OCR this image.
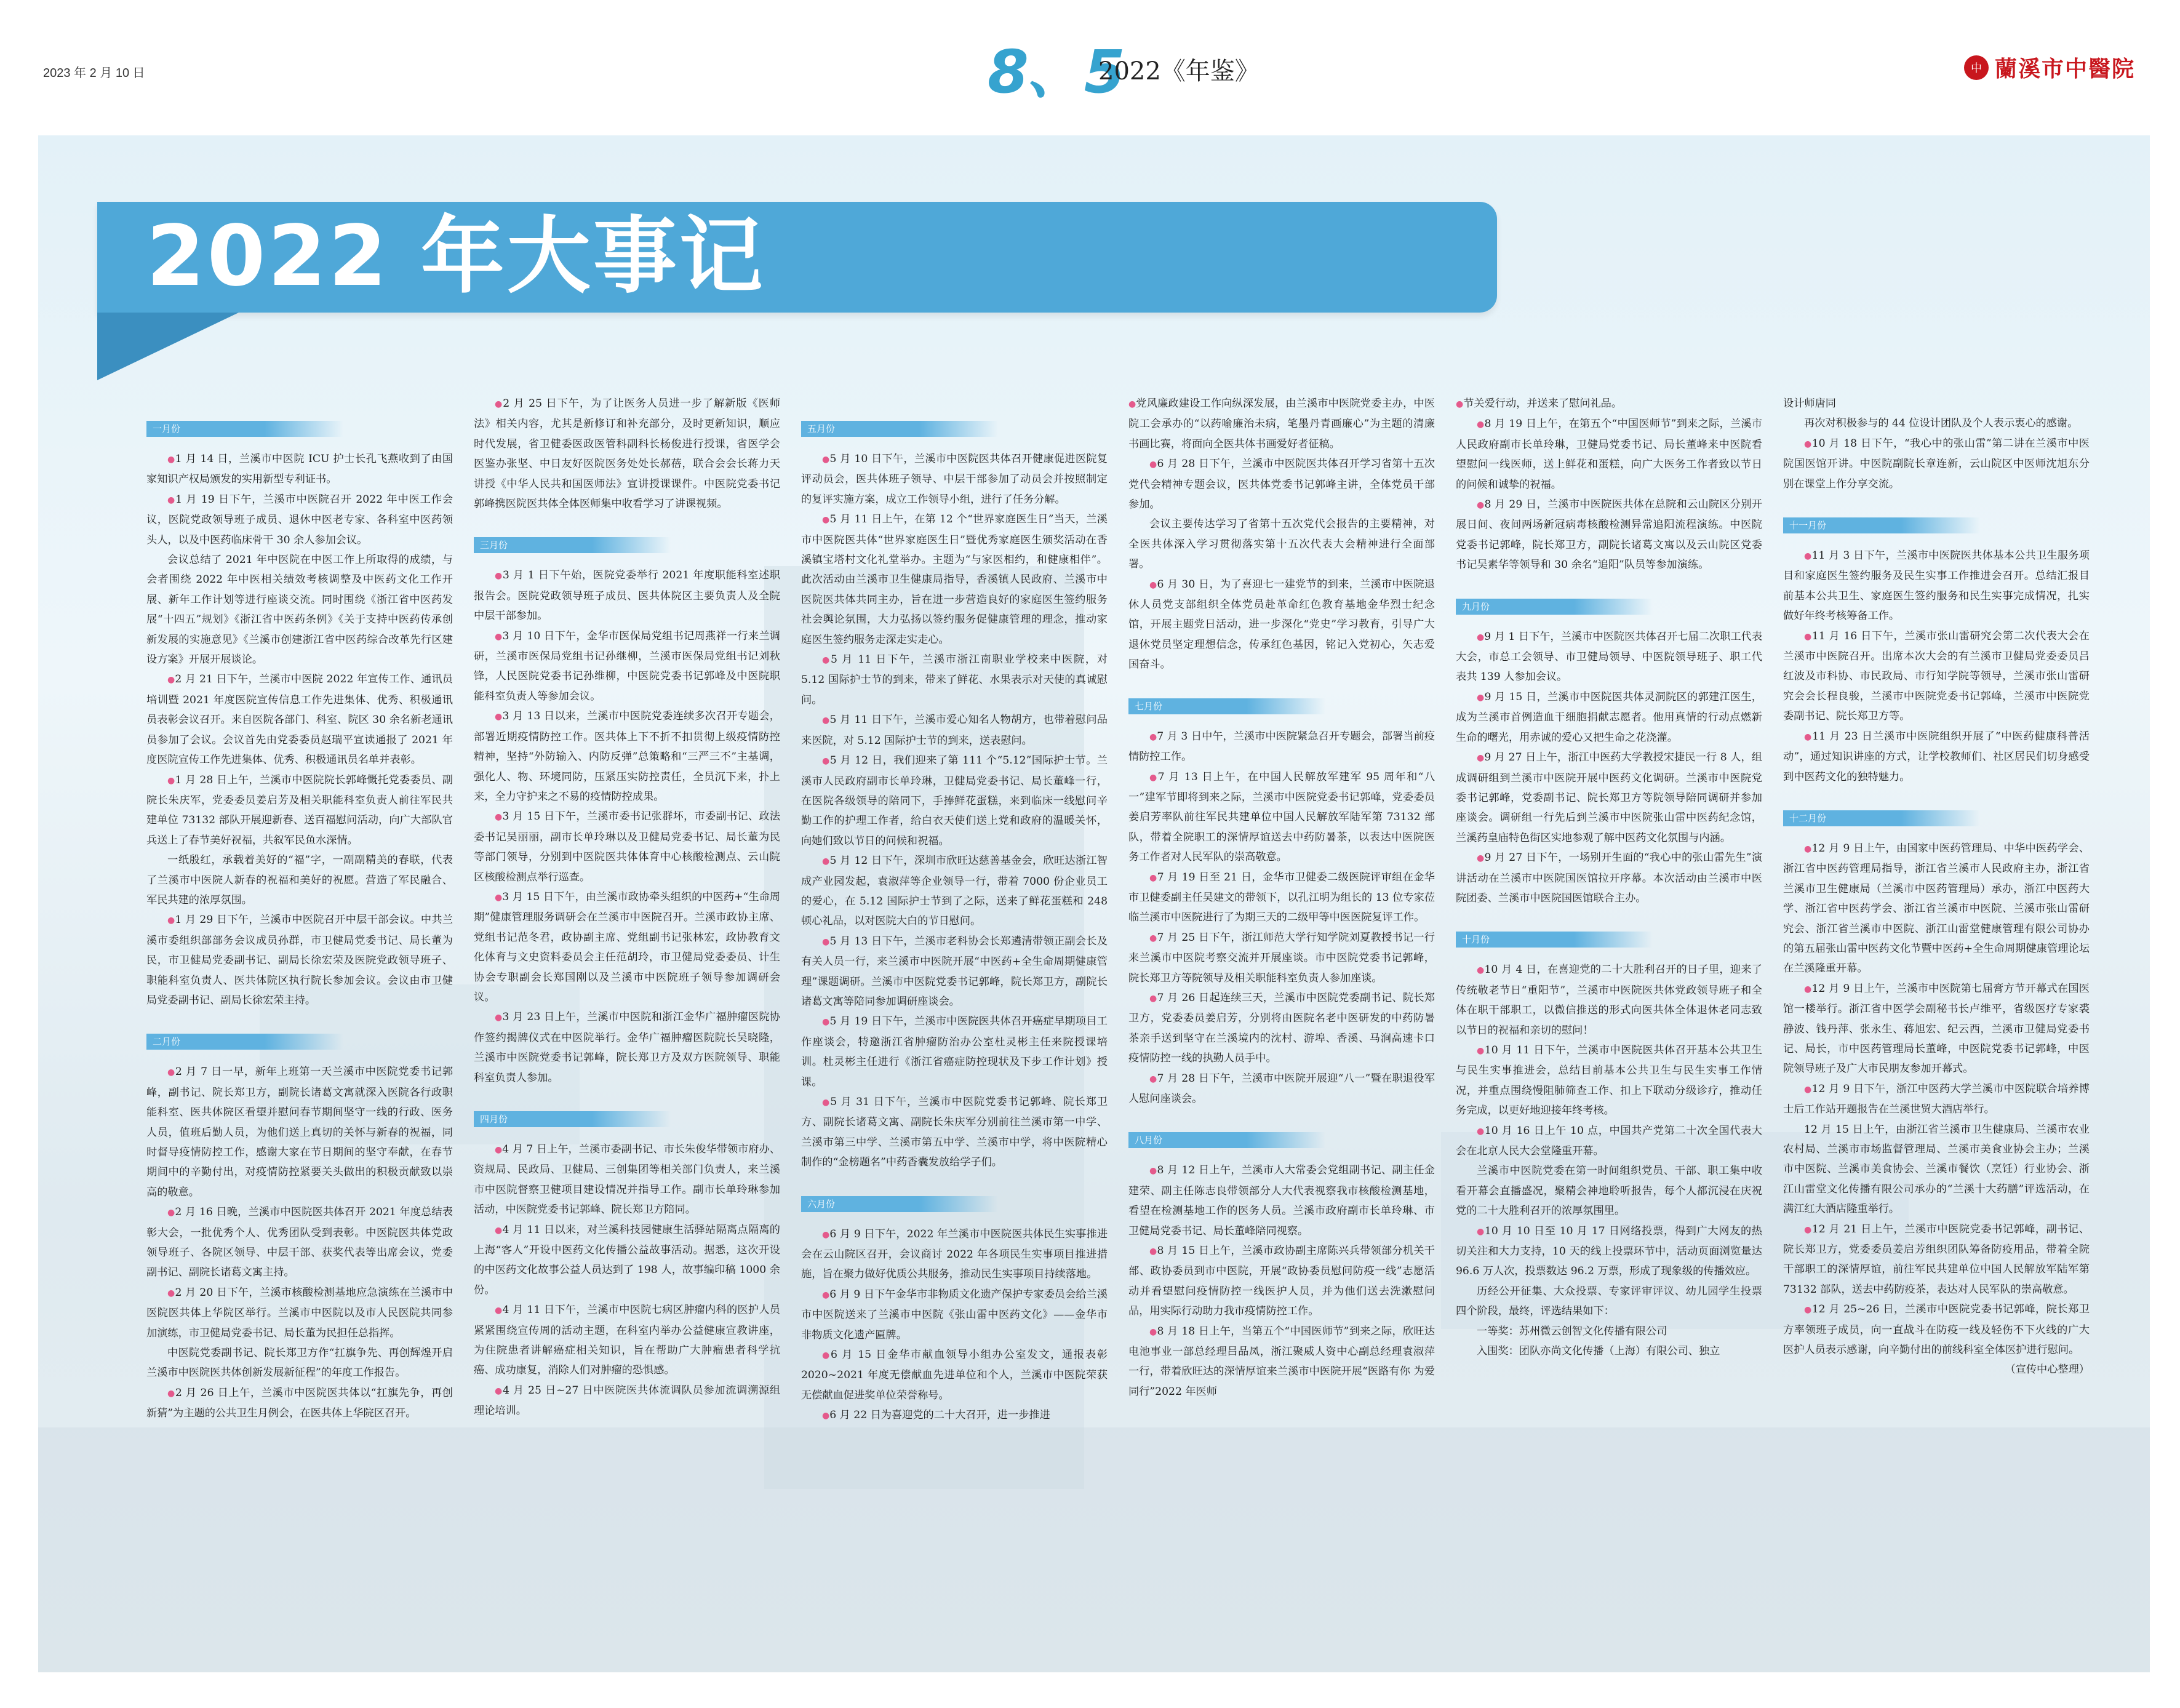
2023 年 2 月 10 日	8、5
2022《年鉴》	中 蘭溪市中醫院
2022 年大事记
一月份

●1 月 14 日，兰溪市中医院 ICU 护士长孔飞燕收到了由国家知识产权局颁发的实用新型专利证书。

●1 月 19 日下午，兰溪市中医院召开 2022 年中医工作会议，医院党政领导班子成员、退休中医老专家、各科室中医药领头人，以及中医药临床骨干 30 余人参加会议。

会议总结了 2021 年中医院在中医工作上所取得的成绩，与会者围绕 2022 年中医相关绩效考核调整及中医药文化工作开展、新年工作计划等进行座谈交流。同时围绕《浙江省中医药发展“十四五”规划》《浙江省中医药条例》《关于支持中医药传承创新发展的实施意见》《兰溪市创建浙江省中医药综合改革先行区建设方案》开展开展谈论。

●2 月 21 日下午，兰溪市中医院 2022 年宣传工作、通讯员培训暨 2021 年度医院宣传信息工作先进集体、优秀、积极通讯员表彰会议召开。来自医院各部门、科室、院区 30 余名新老通讯员参加了会议。会议首先由党委委员赵瑞平宣读通报了 2021 年度医院宣传工作先进集体、优秀、积极通讯员名单并表彰。

●1 月 28 日上午，兰溪市中医院院长郭峰慨托党委委员、副院长朱庆军，党委委员姜启芳及相关职能科室负责人前往军民共建单位 73132 部队开展迎新春、送百福慰问活动，向广大部队官兵送上了春节美好祝福，共叙军民鱼水深情。

一纸殷红，承载着美好的“福”字，一副副精美的春联，代表了兰溪市中医院人新春的祝福和美好的祝愿。营造了军民融合、军民共建的浓厚氛围。

●1 月 29 日下午，兰溪市中医院召开中层干部会议。中共兰溪市委组织部部务会议成员孙群，市卫健局党委书记、局长董为民，市卫健局党委副书记、副局长徐宏荣及医院党政领导班子、职能科室负责人、医共体院区执行院长参加会议。会议由市卫健局党委副书记、副局长徐宏荣主持。

二月份

●2 月 7 日一早，新年上班第一天兰溪市中医院党委书记郭峰，副书记、院长郑卫方，副院长诸葛文寓就深入医院各行政职能科室、医共体院区看望并慰问春节期间坚守一线的行政、医务人员，值班后勤人员，为他们送上真切的关怀与新春的祝福，同时督导疫情防控工作，感谢大家在节日期间的坚守奉献，在春节期间中的辛勤付出，对疫情防控紧要关头做出的积极贡献致以崇高的敬意。

●2 月 16 日晚，兰溪市中医院医共体召开 2021 年度总结表彰大会，一批优秀个人、优秀团队受到表彰。中医院医共体党政领导班子、各院区领导、中层干部、获奖代表等出席会议，党委副书记、副院长诸葛文寓主持。

●2 月 20 日下午，兰溪市核酸检测基地应急演练在兰溪市中医院医共体上华院区举行。兰溪市中医院以及市人民医院共同参加演练，市卫健局党委书记、局长董为民担任总指挥。

中医院党委副书记、院长郑卫方作“扛旗争先、再创辉煌开启兰溪市中医院医共体创新发展新征程”的年度工作报告。

●2 月 26 日上午，兰溪市中医院医共体以“扛旗先争，再创新猜”为主题的公共卫生月例会，在医共体上华院区召开。

●2 月 25 日下午，为了让医务人员进一步了解新版《医师法》相关内容，尤其是新修订和补充部分，及时更新知识，顺应时代发展，省卫健委医政医管科副科长杨俊进行授课，省医学会医鉴办张坚、中日友好医院医务处处长郝蓓，联合会会长蒋力天讲授《中华人民共和国医师法》宣讲授课课件。中医院党委书记郭峰携医院医共体全体医师集中收看学习了讲课视频。

三月份

●3 月 1 日下午始，医院党委举行 2021 年度职能科室述职报告会。医院党政领导班子成员、医共体院区主要负责人及全院中层干部参加。

●3 月 10 日下午，金华市医保局党组书记周燕祥一行来兰调研，兰溪市医保局党组书记孙继柳，兰溪市医保局党组书记刘秋锋，人民医院党委书记孙维柳，中医院党委书记郭峰及中医院职能科室负责人等参加会议。

●3 月 13 日以来，兰溪市中医院党委连续多次召开专题会，部署近期疫情防控工作。医共体上下不折不扣贯彻上级疫情防控精神，坚持“外防输入、内防反弹”总策略和“三严三不”主基调，强化人、物、环境同防，压紧压实防控责任，全员沉下来，扑上来，全力守护来之不易的疫情防控成果。

●3 月 15 日下午，兰溪市委书记张群坏，市委副书记、政法委书记吴丽丽，副市长单玲琳以及卫健局党委书记、局长董为民等部门领导，分别到中医院医共体体育中心核酸检测点、云山院区核酸检测点举行巡查。

●3 月 15 日下午，由兰溪市政协牵头组织的中医药+“生命周期”健康管理服务调研会在兰溪市中医院召开。兰溪市政协主席、党组书记范冬君，政协副主席、党组副书记张林宏，政协教育文化体育与文史资料委员会主任范胡玲，市卫健局党委委员、计生协会专职副会长郑国刚以及兰溪市中医院班子领导参加调研会议。

●3 月 23 日上午，兰溪市中医院和浙江金华广福肿瘤医院协作签约揭牌仪式在中医院举行。金华广福肿瘤医院院长吴晓隆，兰溪市中医院党委书记郭峰，院长郑卫方及双方医院领导、职能科室负责人参加。

四月份

●4 月 7 日上午，兰溪市委副书记、市长朱俊华带领市府办、资规局、民政局、卫健局、三创集团等相关部门负责人，来兰溪市中医院督察卫健项目建设情况并指导工作。副市长单玲琳参加活动，中医院党委书记郭峰、院长郑卫方陪同。

●4 月 11 日以来，对兰溪科技园健康生活驿站隔离点隔离的上海“客人”开设中医药文化传播公益故事活动。据悉，这次开设的中医药文化故事公益人员达到了 198 人，故事编印稿 1000 余份。

●4 月 11 日下午，兰溪市中医院七病区肿瘤内科的医护人员紧紧围绕宣传周的活动主题，在科室内举办公益健康宣教讲座，为住院患者讲解癌症相关知识，旨在帮助广大肿瘤患者科学抗癌、成功康复，消除人们对肿瘤的恐惧感。

●4 月 25 日~27 日中医院医共体流调队员参加流调溯源组理论培训。

五月份

●5 月 10 日下午，兰溪市中医院医共体召开健康促进医院复评动员会，医共体班子领导、中层干部参加了动员会并按照制定的复评实施方案，成立工作领导小组，进行了任务分解。

●5 月 11 日上午，在第 12 个“世界家庭医生日”当天，兰溪市中医院医共体“世界家庭医生日”暨优秀家庭医生颁奖活动在香溪镇宝塔村文化礼堂举办。主题为“与家医相约，和健康相伴”。此次活动由兰溪市卫生健康局指导，香溪镇人民政府、兰溪市中医院医共体共同主办，旨在进一步营造良好的家庭医生签约服务社会舆论氛围，大力弘扬以签约服务促健康管理的理念，推动家庭医生签约服务走深走实走心。

●5 月 11 日下午，兰溪市浙江南职业学校来中医院，对 5.12 国际护士节的到来，带来了鲜花、水果表示对天使的真诚慰问。

●5 月 11 日下午，兰溪市爱心知名人物胡方，也带着慰问品来医院，对 5.12 国际护士节的到来，送表慰问。

●5 月 12 日，我们迎来了第 111 个“5.12”国际护士节。兰溪市人民政府副市长单玲琳，卫健局党委书记、局长董峰一行，在医院各级领导的陪同下，手捧鲜花蛋糕，来到临床一线慰问辛勤工作的护理工作者，给白衣天使们送上党和政府的温暖关怀，向她们致以节日的问候和祝福。

●5 月 12 日下午，深圳市欣旺达慈善基金会，欣旺达浙江智成产业园发起，袁淑萍等企业领导一行，带着 7000 份企业员工的爱心，在 5.12 国际护士节到了之际，送来了鲜花蛋糕和 248 顿心礼品，以对医院大白的节日慰问。

●5 月 13 日下午，兰溪市老科协会长郑遴清带领正副会长及有关人员一行，来兰溪市中医院开展“中医药+全生命周期健康管理”课题调研。兰溪市中医院党委书记郭峰，院长郑卫方，副院长诸葛文寓等陪同参加调研座谈会。

●5 月 19 日下午，兰溪市中医院医共体召开癌症早期项目工作座谈会，特邀浙江省肿瘤防治办公室杜灵彬主任来院授课培训。杜灵彬主任进行《浙江省癌症防控现状及下步工作计划》授课。

●5 月 31 日下午，兰溪市中医院党委书记郭峰、院长郑卫方、副院长诸葛文寓、副院长朱庆军分别前往兰溪市第一中学、兰溪市第三中学、兰溪市第五中学、兰溪市中学，将中医院精心制作的“金榜题名”中药香囊发放给学子们。

六月份

●6 月 9 日下午，2022 年兰溪市中医院医共体民生实事推进会在云山院区召开，会议商讨 2022 年各项民生实事项目推进措施，旨在聚力做好优质公共服务，推动民生实事项目持续落地。

●6 月 9 日下午金华市非物质文化遗产保护专家委员会给兰溪市中医院送来了兰溪市中医院《张山雷中医药文化》——金华市非物质文化遗产匾牌。

●6 月 15 日金华市献血领导小组办公室发文，通报表彰 2020~2021 年度无偿献血先进单位和个人，兰溪市中医院荣获无偿献血促进奖单位荣誉称号。

●6 月 22 日为喜迎党的二十大召开，进一步推进

●党风廉政建设工作向纵深发展，由兰溪市中医院党委主办，中医院工会承办的“以药喻廉治未病，笔墨丹青画廉心”为主题的清廉书画比赛，将面向全医共体书画爱好者征稿。

●6 月 28 日下午，兰溪市中医院医共体召开学习省第十五次党代会精神专题会议，医共体党委书记郭峰主讲，全体党员干部参加。

会议主要传达学习了省第十五次党代会报告的主要精神，对全医共体深入学习贯彻落实第十五次代表大会精神进行全面部署。

●6 月 30 日，为了喜迎七一建党节的到来，兰溪市中医院退休人员党支部组织全体党员赴革命红色教育基地金华烈士纪念馆，开展主题党日活动，进一步深化“党史”学习教育，引导广大退休党员坚定理想信念，传承红色基因，铭记入党初心，矢志爱国奋斗。

七月份

●7 月 3 日中午，兰溪市中医院紧急召开专题会，部署当前疫情防控工作。

●7 月 13 日上午，在中国人民解放军建军 95 周年和“八一”建军节即将到来之际，兰溪市中医院党委书记郭峰，党委委员姜启芳率队前往军民共建单位中国人民解放军陆军第 73132 部队，带着全院职工的深情厚谊送去中药防暑茶，以表达中医院医务工作者对人民军队的崇高敬意。

●7 月 19 日至 21 日，金华市卫健委二级医院评审组在金华市卫健委副主任吴建文的带领下，以孔江明为组长的 13 位专家莅临兰溪市中医院进行了为期三天的二级甲等中医医院复评工作。

●7 月 25 日下午，浙江师范大学行知学院刘夏教授书记一行来兰溪市中医院考察交流并开展座谈。市中医院党委书记郭峰，院长郑卫方等院领导及相关职能科室负责人参加座谈。

●7 月 26 日起连续三天，兰溪市中医院党委副书记、院长郑卫方，党委委员姜启芳，分别将由医院名老中医研发的中药防暑茶亲手送到坚守在兰溪境内的沈村、游埠、香溪、马涧高速卡口疫情防控一线的执勤人员手中。

●7 月 28 日下午，兰溪市中医院开展迎“八一”暨在职退役军人慰问座谈会。

八月份

●8 月 12 日上午，兰溪市人大常委会党组副书记、副主任金建荣、副主任陈志良带领部分人大代表视察我市核酸检测基地，看望在检测基地工作的医务人员。兰溪市政府副市长单玲琳、市卫健局党委书记、局长董峰陪同视察。

●8 月 15 日上午，兰溪市政协副主席陈兴兵带领部分机关干部、政协委员到市中医院，开展“政协委员慰问防疫一线”志愿活动并看望慰问疫情防控一线医护人员，并为他们送去洗漱慰问品，用实际行动助力我市疫情防控工作。

●8 月 18 日上午，当第五个“中国医师节”到来之际，欣旺达电池事业一部总经理吕品凤，浙江聚威人资中心副总经理袁淑萍一行，带着欣旺达的深情厚谊来兰溪市中医院开展“医路有你 为爱同行”2022 年医师

●节关爱行动，并送来了慰问礼品。

●8 月 19 日上午，在第五个“中国医师节”到来之际，兰溪市人民政府副市长单玲琳，卫健局党委书记、局长董峰来中医院看望慰问一线医师，送上鲜花和蛋糕，向广大医务工作者致以节日的问候和诚挚的祝福。

●8 月 29 日，兰溪市中医院医共体在总院和云山院区分别开展日间、夜间两场新冠病毒核酸检测异常追阳流程演练。中医院党委书记郭峰，院长郑卫方，副院长诸葛文寓以及云山院区党委书记吴素华等领导和 30 余名“追阳”队员等参加演练。

九月份

●9 月 1 日下午，兰溪市中医院医共体召开七届二次职工代表大会，市总工会领导、市卫健局领导、中医院领导班子、职工代表共 139 人参加会议。

●9 月 15 日，兰溪市中医院医共体灵洞院区的郭建江医生，成为兰溪市首例造血干细胞捐献志愿者。他用真情的行动点燃新生命的曙光，用赤诚的爱心又把生命之花浇灌。

●9 月 27 日上午，浙江中医药大学教授宋捷民一行 8 人，组成调研组到兰溪市中医院开展中医药文化调研。兰溪市中医院党委书记郭峰，党委副书记、院长郑卫方等院领导陪同调研并参加座谈会。调研组一行先后到兰溪市中医院张山雷中医药纪念馆，兰溪药皇庙特色街区实地参观了解中医药文化氛围与内涵。

●9 月 27 日下午，一场别开生面的“我心中的张山雷先生”演讲活动在兰溪市中医院国医馆拉开序幕。本次活动由兰溪市中医院团委、兰溪市中医院国医馆联合主办。

十月份

●10 月 4 日，在喜迎党的二十大胜利召开的日子里，迎来了传统敬老节日“重阳节”，兰溪市中医院医共体党政领导班子和全体在职干部职工，以微信推送的形式向医共体全体退休老同志致以节日的祝福和亲切的慰问！

●10 月 11 日下午，兰溪市中医院医共体召开基本公共卫生与民生实事推进会，总结目前基本公共卫生与民生实事工作情况，并重点围绕慢阻肺筛查工作、扣上下联动分级诊疗，推动任务完成，以更好地迎接年终考核。

●10 月 16 日上午 10 点，中国共产党第二十次全国代表大会在北京人民大会堂隆重开幕。

兰溪市中医院党委在第一时间组织党员、干部、职工集中收看开幕会直播盛况，聚精会神地聆听报告，每个人都沉浸在庆祝党的二十大胜利召开的浓厚氛围里。

●10 月 10 日至 10 月 17 日网络投票，得到广大网友的热切关注和大力支持，10 天的线上投票环节中，活动页面浏览量达 96.6 万人次，投票数达 96.2 万票，形成了现象级的传播效应。

历经公开征集、大众投票、专家评审评议、幼儿园学生投票四个阶段，最终，评选结果如下：

一等奖：苏州微云创智文化传播有限公司

入围奖：团队亦尚文化传播（上海）有限公司、独立

设计师唐同

再次对积极参与的 44 位设计团队及个人表示衷心的感谢。

●10 月 18 日下午，“我心中的张山雷”第二讲在兰溪市中医院国医馆开讲。中医院副院长章连新，云山院区中医师沈旭东分别在课堂上作分享交流。

十一月份

●11 月 3 日下午，兰溪市中医院医共体基本公共卫生服务项目和家庭医生签约服务及民生实事工作推进会召开。总结汇报目前基本公共卫生、家庭医生签约服务和民生实事完成情况，扎实做好年终考核筹备工作。

●11 月 16 日下午，兰溪市张山雷研究会第二次代表大会在兰溪市中医院召开。出席本次大会的有兰溪市卫健局党委委员吕红波及市科协、市民政局、市行知学院等领导，兰溪市张山雷研究会会长程良骏，兰溪市中医院党委书记郭峰，兰溪市中医院党委副书记、院长郑卫方等。

●11 月 23 日兰溪市中医院组织开展了“中医药健康科普活动”，通过知识讲座的方式，让学校教师们、社区居民们切身感受到中医药文化的独特魅力。

十二月份

●12 月 9 日上午，由国家中医药管理局、中华中医药学会、浙江省中医药管理局指导，浙江省兰溪市人民政府主办，浙江省兰溪市卫生健康局（兰溪市中医药管理局）承办，浙江中医药大学、浙江省中医药学会、浙江省兰溪市中医院、兰溪市张山雷研究会、浙江省兰溪市中医院、浙江山雷堂健康管理有限公司协办的第五届张山雷中医药文化节暨中医药+全生命周期健康管理论坛在兰溪隆重开幕。

●12 月 9 日上午，兰溪市中医院第七届膏方节开幕式在国医馆一楼举行。浙江省中医学会副秘书长卢维平，省级医疗专家裘静波、钱丹萍、张永生、蒋旭宏、纪云西，兰溪市卫健局党委书记、局长，市中医药管理局长董峰，中医院党委书记郭峰，中医院领导班子及广大市民朋友参加开幕式。

●12 月 9 日下午，浙江中医药大学兰溪市中医院联合培养博士后工作站开题报告在兰溪世贸大酒店举行。

12 月 15 日上午，由浙江省兰溪市卫生健康局、兰溪市农业农村局、兰溪市市场监督管理局、兰溪市美食业协会主办；兰溪市中医院、兰溪市美食协会、兰溪市餐饮（烹饪）行业协会、浙江山雷堂文化传播有限公司承办的“兰溪十大药膳”评选活动，在满江红大酒店隆重举行。

●12 月 21 日上午，兰溪市中医院党委书记郭峰，副书记、院长郑卫方，党委委员姜启芳组织团队筹备防疫用品，带着全院干部职工的深情厚谊，前往军民共建单位中国人民解放军陆军第 73132 部队，送去中药防疫茶，表达对人民军队的崇高敬意。

●12 月 25~26 日，兰溪市中医院党委书记郭峰，院长郑卫方率领班子成员，向一直战斗在防疫一线及轻伤不下火线的广大医护人员表示感谢，向辛勤付出的前线科室全体医护进行慰问。

（宣传中心整理）
